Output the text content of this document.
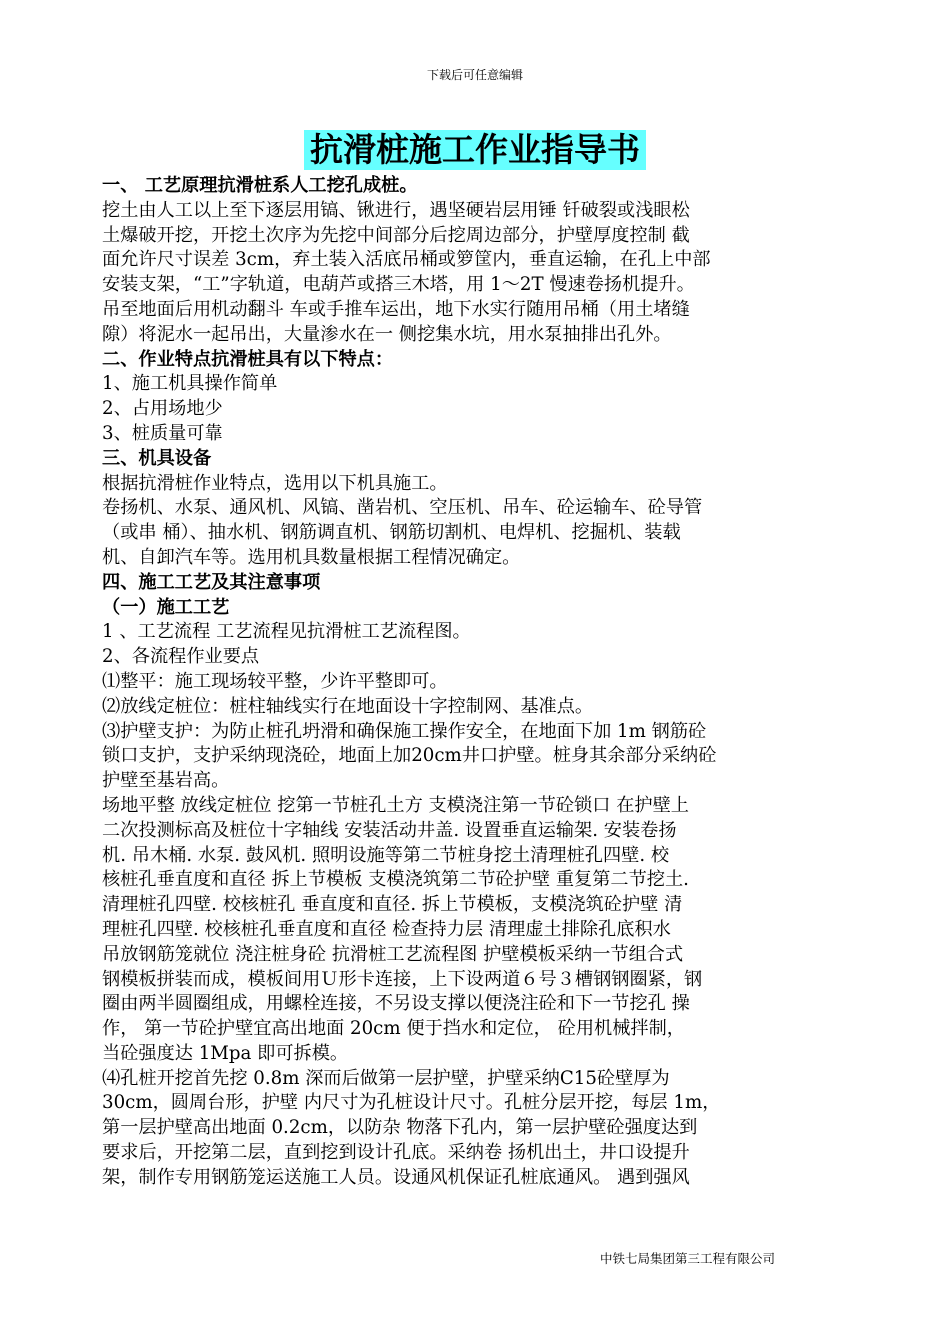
下载后可任意编辑
抗滑桩施工作业指导书

一、 工艺原理抗滑桩系人工挖孔成桩。

挖土由人工以上至下逐层用镐、锹进行，遇坚硬岩层用锤 钎破裂或浅眼松

土爆破开挖，开挖土次序为先挖中间部分后挖周边部分，护壁厚度控制 截

面允许尺寸误差 3cm，弃土装入活底吊桶或箩筐内，垂直运输，在孔上中部

安装支架，“工”字轨道，电葫芦或搭三木塔，用 1～2T 慢速卷扬机提升。

吊至地面后用机动翻斗 车或手推车运出，地下水实行随用吊桶（用土堵缝

隙）将泥水一起吊出，大量渗水在一 侧挖集水坑，用水泵抽排出孔外。

二、作业特点抗滑桩具有以下特点：

1、施工机具操作简单

2、占用场地少

3、桩质量可靠

三、机具设备

根据抗滑桩作业特点，选用以下机具施工。

卷扬机、水泵、通风机、风镐、凿岩机、空压机、吊车、砼运输车、砼导管

（或串 桶）、抽水机、钢筋调直机、钢筋切割机、电焊机、挖掘机、装载

机、自卸汽车等。选用机具数量根据工程情况确定。

四、施工工艺及其注意事项

（一）施工工艺

1 、工艺流程 工艺流程见抗滑桩工艺流程图。

2、各流程作业要点

⑴整平：施工现场较平整，少许平整即可。

⑵放线定桩位：桩柱轴线实行在地面设十字控制网、基准点。

⑶护壁支护：为防止桩孔坍滑和确保施工操作安全，在地面下加 1m 钢筋砼

锁口支护，支护采纳现浇砼，地面上加20cm井口护壁。桩身其余部分采纳砼

护壁至基岩高。

场地平整 放线定桩位 挖第一节桩孔土方 支模浇注第一节砼锁口 在护壁上

二次投测标高及桩位十字轴线 安装活动井盖. 设置垂直运输架. 安装卷扬

机. 吊木桶. 水泵. 鼓风机. 照明设施等第二节桩身挖土清理桩孔四壁. 校

核桩孔垂直度和直径 拆上节模板 支模浇筑第二节砼护壁 重复第二节挖土.

清理桩孔四壁. 校核桩孔 垂直度和直径. 拆上节模板，支模浇筑砼护壁 清

理桩孔四壁. 校核桩孔垂直度和直径 检查持力层 清理虚土排除孔底积水

吊放钢筋笼就位 浇注桩身砼 抗滑桩工艺流程图 护壁模板采纳一节组合式

钢模板拼装而成，模板间用Ｕ形卡连接，上下设两道６号３槽钢钢圈紧，钢

圈由两半圆圈组成，用螺栓连接，不另设支撑以便浇注砼和下一节挖孔 操

作， 第一节砼护壁宜高出地面 20cm 便于挡水和定位， 砼用机械拌制，

当砼强度达 1Mpa 即可拆模。

⑷孔桩开挖首先挖 0.8m 深而后做第一层护壁，护壁采纳C15砼壁厚为

30cm，圆周台形，护壁 内尺寸为孔桩设计尺寸。孔桩分层开挖，每层 1m，

第一层护壁高出地面 0.2cm，以防杂 物落下孔内，第一层护壁砼强度达到

要求后，开挖第二层，直到挖到设计孔底。采纳卷 扬机出土，井口设提升

架，制作专用钢筋笼运送施工人员。设通风机保证孔桩底通风。 遇到强风

中铁七局集团第三工程有限公司
